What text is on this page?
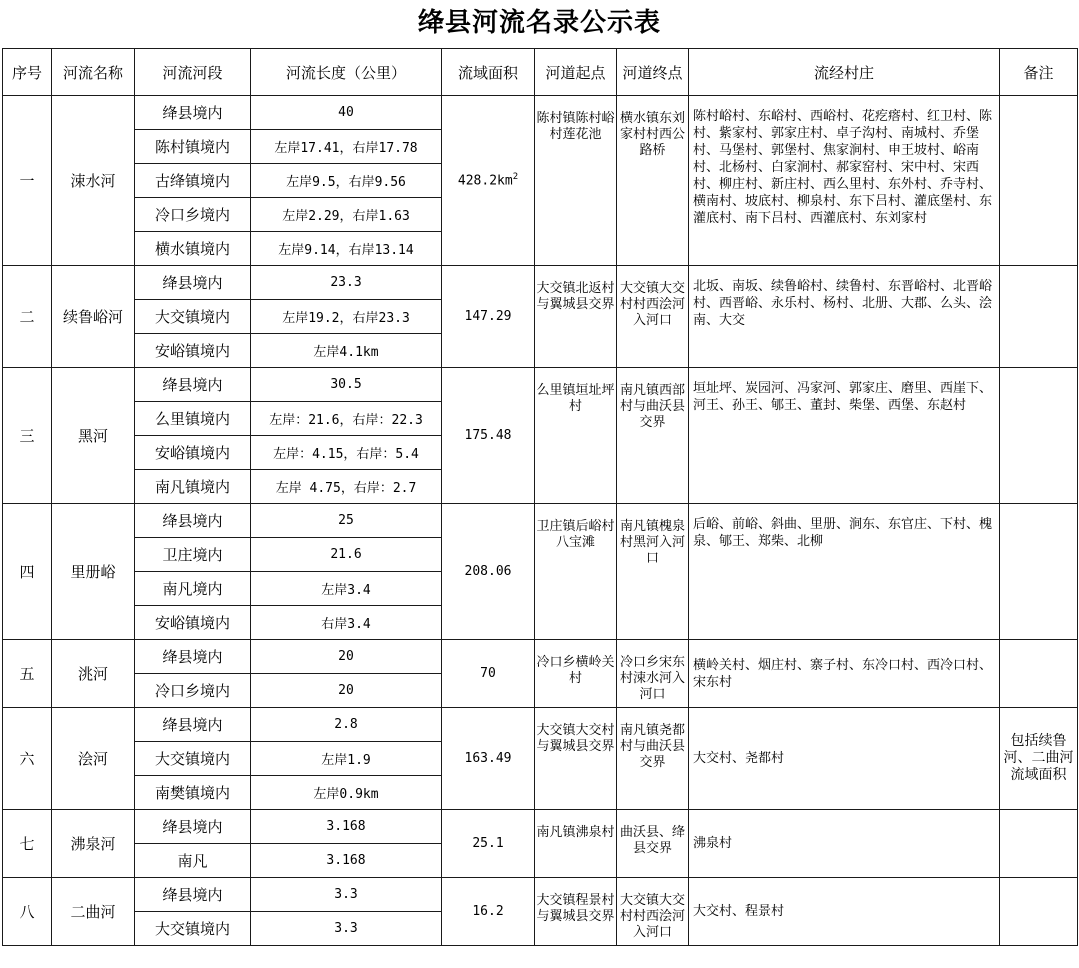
绛县河流名录公示表
序号	河流名称	河流河段	河流长度（公里）	流域面积	河道起点	河道终点	流经村庄	备注
一	涑水河	绛县境内	40	$428.2km^2$	陈村镇陈村峪村莲花池	横水镇东刘家村村西公路桥	陈村峪村、东峪村、西峪村、花疙瘩村、红卫村、陈村、紫家村、郭家庄村、卓子沟村、南城村、乔堡村、马堡村、郭堡村、焦家涧村、申王坡村、峪南村、北杨村、白家涧村、郝家窑村、宋中村、宋西村、柳庄村、新庄村、西么里村、东外村、乔寺村、横南村、坡底村、柳泉村、东下吕村、灌底堡村、东灌底村、南下吕村、西灌底村、东刘家村	
		陈村镇境内	左岸17.41，右岸17.78					
		古绛镇境内	左岸9.5，右岸9.56					
		冷口乡境内	左岸2.29，右岸1.63					
		横水镇境内	左岸9.14，右岸13.14					
二	续鲁峪河	绛县境内	23.3	147.29	大交镇北返村与翼城县交界	大交镇大交村村西浍河入河口	北坂、南坂、续鲁峪村、续鲁村、东晋峪村、北晋峪村、西晋峪、永乐村、杨村、北册、大郡、么头、浍南、大交	
		大交镇境内	左岸19.2，右岸23.3					
		安峪镇境内	左岸4.1km					
三	黑河	绛县境内	30.5	175.48	么里镇垣址坪村	南凡镇西部村与曲沃县交界	垣址坪、炭园河、冯家河、郭家庄、磨里、西崖下、河王、孙王、郇王、董封、柴堡、西堡、东赵村	
		么里镇境内	左岸：21.6，右岸：22.3					
		安峪镇境内	左岸：4.15，右岸：5.4					
		南凡镇境内	左岸 4.75，右岸：2.7					
四	里册峪	绛县境内	25	208.06	卫庄镇后峪村八宝滩	南凡镇槐泉村黑河入河口	后峪、前峪、斜曲、里册、涧东、东官庄、下村、槐泉、郇王、郑柴、北柳	
		卫庄境内	21.6					
		南凡境内	左岸3.4					
		安峪镇境内	右岸3.4					
五	洮河	绛县境内	20	70	冷口乡横岭关村	冷口乡宋东村涑水河入河口	横岭关村、烟庄村、寨子村、东冷口村、西冷口村、宋东村	
		冷口乡境内	20					
六	浍河	绛县境内	2.8	163.49	大交镇大交村与翼城县交界	南凡镇尧都村与曲沃县交界	大交村、尧都村	包括续鲁河、二曲河流域面积
		大交镇境内	左岸1.9					
		南樊镇境内	左岸0.9km					
七	沸泉河	绛县境内	3.168	25.1	南凡镇沸泉村	曲沃县、绛县交界	沸泉村	
		南凡	3.168					
八	二曲河	绛县境内	3.3	16.2	大交镇程景村与翼城县交界	大交镇大交村村西浍河入河口	大交村、程景村	
		大交镇境内	3.3					
